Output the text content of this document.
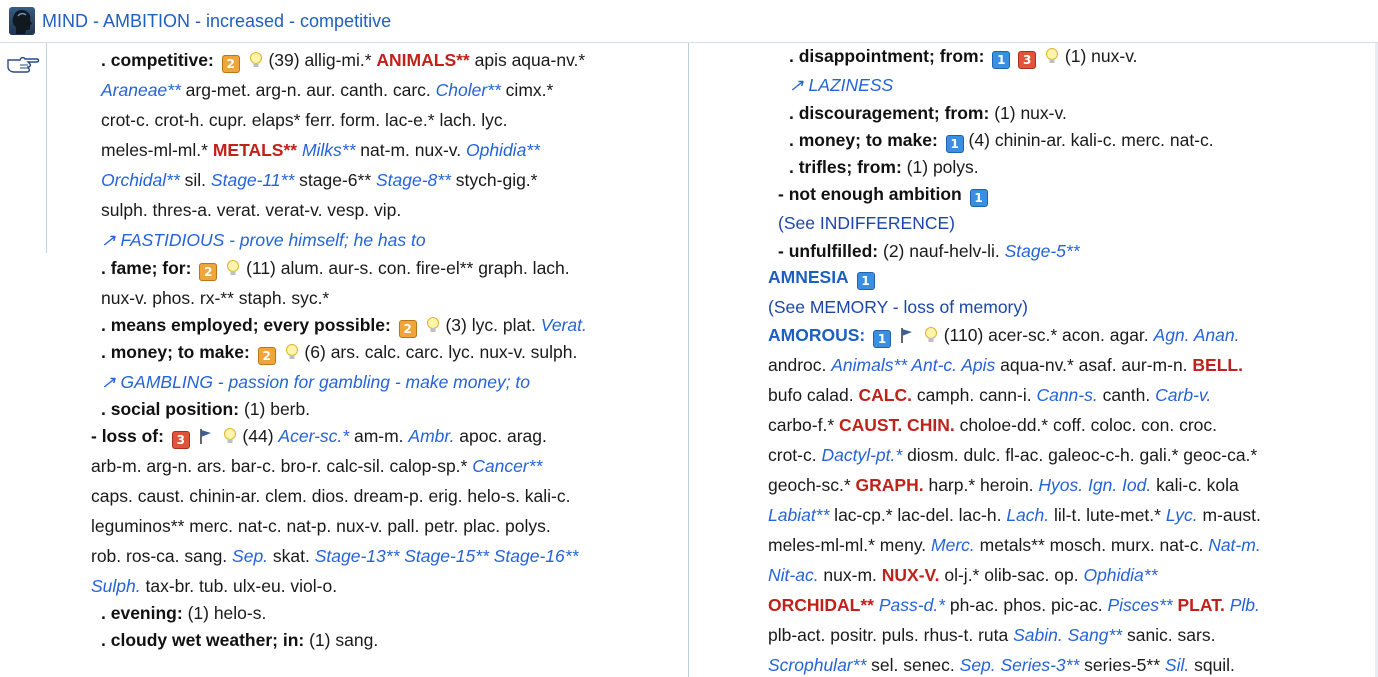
MIND - AMBITION - increased - competitive
. competitive: 2 (39) allig-mi.* ANIMALS** apis aqua-nv.*
Araneae** arg-met. arg-n. aur. canth. carc. Choler** cimx.*
crot-c. crot-h. cupr. elaps* ferr. form. lac-e.* lach. lyc.
meles-ml-ml.* METALS** Milks** nat-m. nux-v. Ophidia**
Orchidal** sil. Stage-11** stage-6** Stage-8** stych-gig.*
sulph. thres-a. verat. verat-v. vesp. vip.
↗ FASTIDIOUS - prove himself; he has to
. fame; for: 2 (11) alum. aur-s. con. fire-el** graph. lach.
nux-v. phos. rx-** staph. syc.*
. means employed; every possible: 2 (3) lyc. plat. Verat.
. money; to make: 2 (6) ars. calc. carc. lyc. nux-v. sulph.
↗ GAMBLING - passion for gambling - make money; to
. social position: (1) berb.
- loss of: 3	(44) Acer-sc.* am-m. Ambr. apoc. arag.
arb-m. arg-n. ars. bar-c. bro-r. calc-sil. calop-sp.* Cancer**
caps. caust. chinin-ar. clem. dios. dream-p. erig. helo-s. kali-c.
leguminos** merc. nat-c. nat-p. nux-v. pall. petr. plac. polys.
rob. ros-ca. sang. Sep. skat. Stage-13** Stage-15** Stage-16**
Sulph. tax-br. tub. ulx-eu. viol-o.
. evening: (1) helo-s.
. cloudy wet weather; in: (1) sang.
. disappointment; from: 1 3 (1) nux-v.
↗ LAZINESS
. discouragement; from: (1) nux-v.
. money; to make: 1 (4) chinin-ar. kali-c. merc. nat-c.
. trifles; from: (1) polys.
- not enough ambition 1
(See INDIFFERENCE)
- unfulfilled: (2) nauf-helv-li. Stage-5**
AMNESIA 1
(See MEMORY - loss of memory)
AMOROUS: 1	(110) acer-sc.* acon. agar. Agn. Anan.
androc. Animals** Ant-c. Apis aqua-nv.* asaf. aur-m-n. BELL.
bufo calad. CALC. camph. cann-i. Cann-s. canth. Carb-v.
carbo-f.* CAUST. CHIN. choloe-dd.* coff. coloc. con. croc.
crot-c. Dactyl-pt.* diosm. dulc. fl-ac. galeoc-c-h. gali.* geoc-ca.*
geoch-sc.* GRAPH. harp.* heroin. Hyos. Ign. Iod. kali-c. kola
Labiat** lac-cp.* lac-del. lac-h. Lach. lil-t. lute-met.* Lyc. m-aust.
meles-ml-ml.* meny. Merc. metals** mosch. murx. nat-c. Nat-m.
Nit-ac. nux-m. NUX-V. ol-j.* olib-sac. op. Ophidia**
ORCHIDAL** Pass-d.* ph-ac. phos. pic-ac. Pisces** PLAT. Plb.
plb-act. positr. puls. rhus-t. ruta Sabin. Sang** sanic. sars.
Scrophular** sel. senec. Sep. Series-3** series-5** Sil. squil.
